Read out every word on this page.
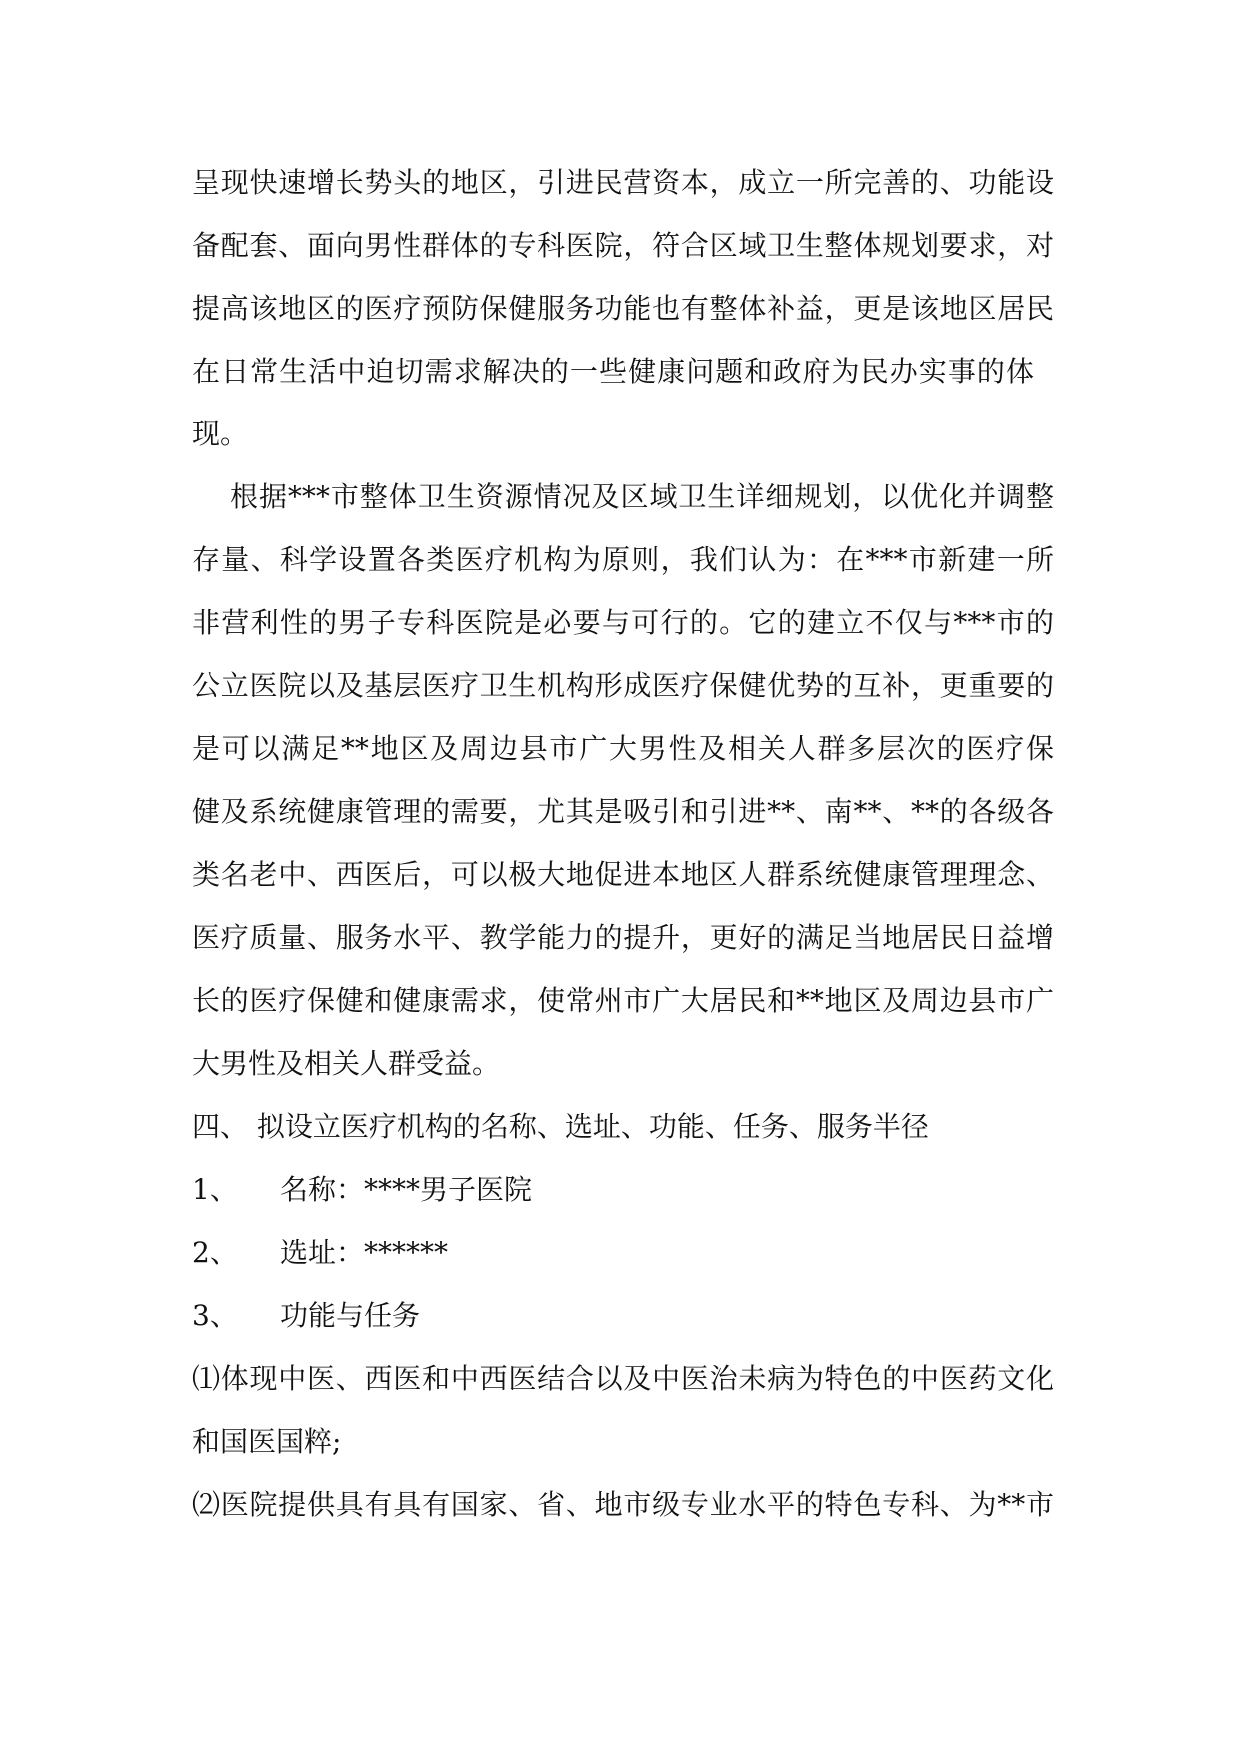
呈现快速增长势头的地区，引进民营资本，成立一所完善的、功能设
备配套、面向男性群体的专科医院，符合区域卫生整体规划要求，对
提高该地区的医疗预防保健服务功能也有整体补益，更是该地区居民
在日常生活中迫切需求解决的一些健康问题和政府为民办实事的体
现。
根据***市整体卫生资源情况及区域卫生详细规划，以优化并调整
存量、科学设置各类医疗机构为原则，我们认为：在***市新建一所
非营利性的男子专科医院是必要与可行的。它的建立不仅与***市的
公立医院以及基层医疗卫生机构形成医疗保健优势的互补，更重要的
是可以满足**地区及周边县市广大男性及相关人群多层次的医疗保
健及系统健康管理的需要，尤其是吸引和引进**、南**、**的各级各
类名老中、西医后，可以极大地促进本地区人群系统健康管理理念、
医疗质量、服务水平、教学能力的提升，更好的满足当地居民日益增
长的医疗保健和健康需求，使常州市广大居民和**地区及周边县市广
大男性及相关人群受益。
四、 拟设立医疗机构的名称、选址、功能、任务、服务半径
1、 名称：****男子医院
2、 选址：******
3、 功能与任务
⑴体现中医、西医和中西医结合以及中医治未病为特色的中医药文化
和国医国粹;
⑵医院提供具有具有国家、省、地市级专业水平的特色专科、为**市
